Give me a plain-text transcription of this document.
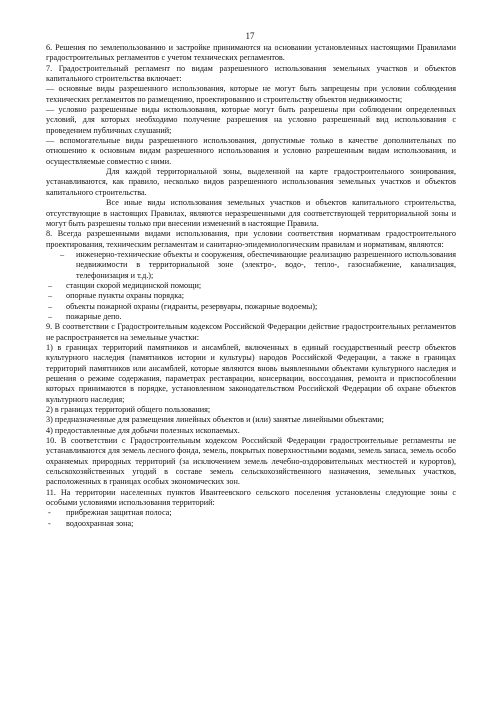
17

6. Решения по землепользованию и застройке принимаются на основании установленных настоящими Правилами градостроительных регламентов с учетом технических регламентов.

7. Градостроительный регламент по видам разрешенного использования земельных участков и объектов капитального строительства включает:

— основные виды разрешенного использования, которые не могут быть запрещены при условии соблюдения технических регламентов по размещению, проектированию и строительству объектов недвижимости;

— условно разрешенные виды использования, которые могут быть разрешены при соблюдении определенных условий, для которых необходимо получение разрешения на условно разрешенный вид использования с проведением публичных слушаний;

— вспомогательные виды разрешенного использования, допустимые только в качестве дополнительных по отношению к основным видам разрешенного использования и условно разрешенным видам использования, и осуществляемые совместно с ними.

Для каждой территориальной зоны, выделенной на карте градостроительного зонирования, устанавливаются, как правило, несколько видов разрешенного использования земельных участков и объектов капитального строительства.

Все иные виды использования земельных участков и объектов капитального строительства, отсутствующие в настоящих Правилах, являются неразрешенными для соответствующей территориальной зоны и могут быть разрешены только при внесении изменений в настоящие Правила.

8. Всегда разрешенными видами использования, при условии соответствия нормативам градостроительного проектирования, техническим регламентам и санитарно-эпидемиологическим правилам и нормативам, являются:

– инженерно-технические объекты и сооружения, обеспечивающие реализацию разрешенного использования недвижимости в территориальной зоне (электро-, водо-, тепло-, газоснабжение, канализация, телефонизация и т.д.);

– станции скорой медицинской помощи;

– опорные пункты охраны порядка;

– объекты пожарной охраны (гидранты, резервуары, пожарные водоемы);

– пожарные депо.

9. В соответствии с Градостроительным кодексом Российской Федерации действие градостроительных регламентов не распространяется на земельные участки:

1) в границах территорий памятников и ансамблей, включенных в единый государственный реестр объектов культурного наследия (памятников истории и культуры) народов Российской Федерации, а также в границах территорий памятников или ансамблей, которые являются вновь выявленными объектами культурного наследия и решения о режиме содержания, параметрах реставрации, консервации, воссоздания, ремонта и приспособлении которых принимаются в порядке, установленном законодательством Российской Федерации об охране объектов культурного наследия;

2) в границах территорий общего пользования;

3) предназначенные для размещения линейных объектов и (или) занятые линейными объектами;

4) предоставленные для добычи полезных ископаемых.

10. В соответствии с Градостроительным кодексом Российской Федерации градостроительные регламенты не устанавливаются для земель лесного фонда, земель, покрытых поверхностными водами, земель запаса, земель особо охраняемых природных территорий (за исключением земель лечебно-оздоровительных местностей и курортов), сельскохозяйственных угодий в составе земель сельскохозяйственного назначения, земельных участков, расположенных в границах особых экономических зон.

11. На территории населенных пунктов Ивантеевского сельского поселения установлены следующие зоны с особыми условиями использования территорий:

- прибрежная защитная полоса;

- водоохранная зона;
